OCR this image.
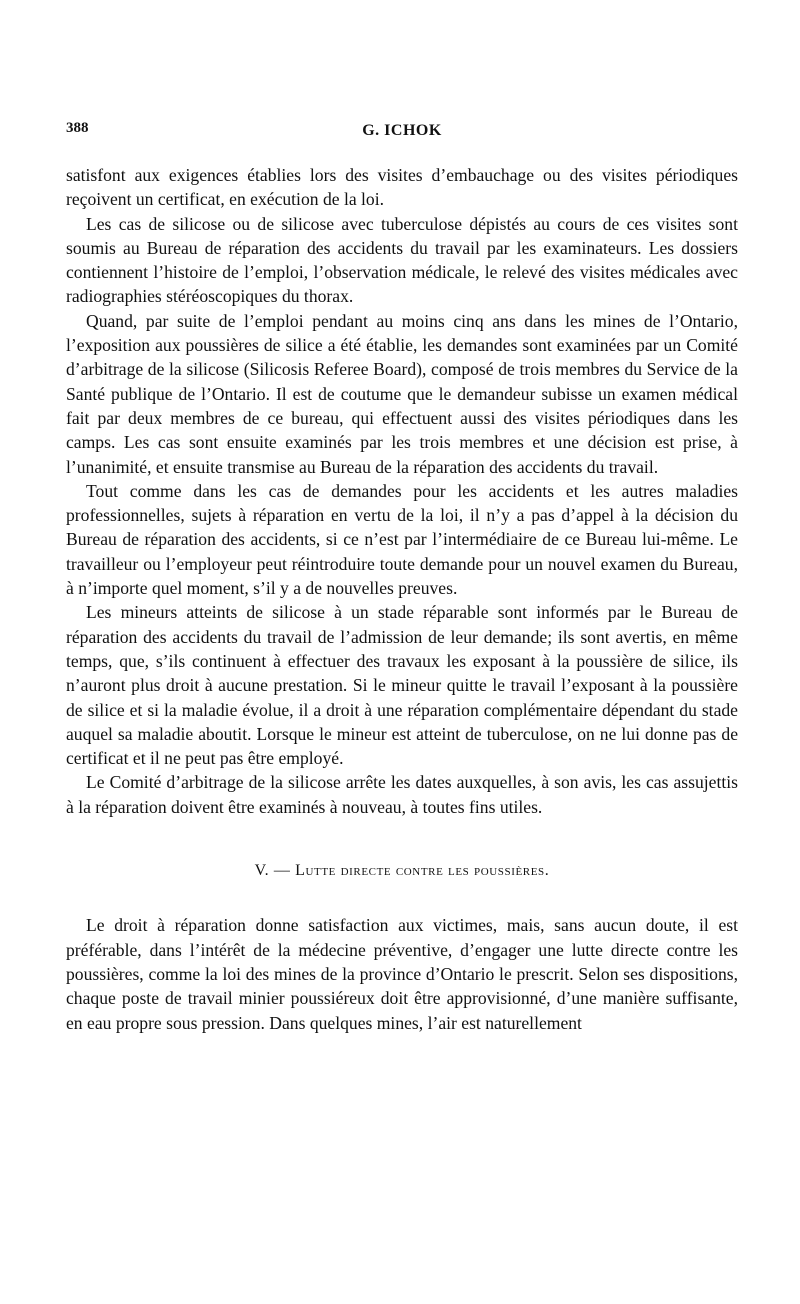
388	G. ICHOK

satisfont aux exigences établies lors des visites d’embauchage ou des visites périodiques reçoivent un certificat, en exécution de la loi.

Les cas de silicose ou de silicose avec tuberculose dépistés au cours de ces visites sont soumis au Bureau de réparation des accidents du travail par les examinateurs. Les dossiers contiennent l’histoire de l’emploi, l’observation médicale, le relevé des visites médicales avec radiographies stéréoscopiques du thorax.

Quand, par suite de l’emploi pendant au moins cinq ans dans les mines de l’Ontario, l’exposition aux poussières de silice a été établie, les demandes sont examinées par un Comité d’arbitrage de la silicose (Silicosis Referee Board), composé de trois membres du Service de la Santé publique de l’Ontario. Il est de coutume que le demandeur subisse un examen médical fait par deux membres de ce bureau, qui effectuent aussi des visites périodiques dans les camps. Les cas sont ensuite examinés par les trois membres et une décision est prise, à l’unanimité, et ensuite transmise au Bureau de la réparation des accidents du travail.

Tout comme dans les cas de demandes pour les accidents et les autres maladies professionnelles, sujets à réparation en vertu de la loi, il n’y a pas d’appel à la décision du Bureau de réparation des accidents, si ce n’est par l’intermédiaire de ce Bureau lui-même. Le travailleur ou l’employeur peut réintroduire toute demande pour un nouvel examen du Bureau, à n’importe quel moment, s’il y a de nouvelles preuves.

Les mineurs atteints de silicose à un stade réparable sont informés par le Bureau de réparation des accidents du travail de l’admission de leur demande; ils sont avertis, en même temps, que, s’ils continuent à effectuer des travaux les exposant à la poussière de silice, ils n’auront plus droit à aucune prestation. Si le mineur quitte le travail l’exposant à la poussière de silice et si la maladie évolue, il a droit à une réparation complémentaire dépendant du stade auquel sa maladie aboutit. Lorsque le mineur est atteint de tuberculose, on ne lui donne pas de certificat et il ne peut pas être employé.

Le Comité d’arbitrage de la silicose arrête les dates auxquelles, à son avis, les cas assujettis à la réparation doivent être examinés à nouveau, à toutes fins utiles.

V. — Lutte directe contre les poussières.

Le droit à réparation donne satisfaction aux victimes, mais, sans aucun doute, il est préférable, dans l’intérêt de la médecine préventive, d’engager une lutte directe contre les poussières, comme la loi des mines de la province d’Ontario le prescrit. Selon ses dispositions, chaque poste de travail minier poussiéreux doit être approvisionné, d’une manière suffisante, en eau propre sous pression. Dans quelques mines, l’air est naturellement
